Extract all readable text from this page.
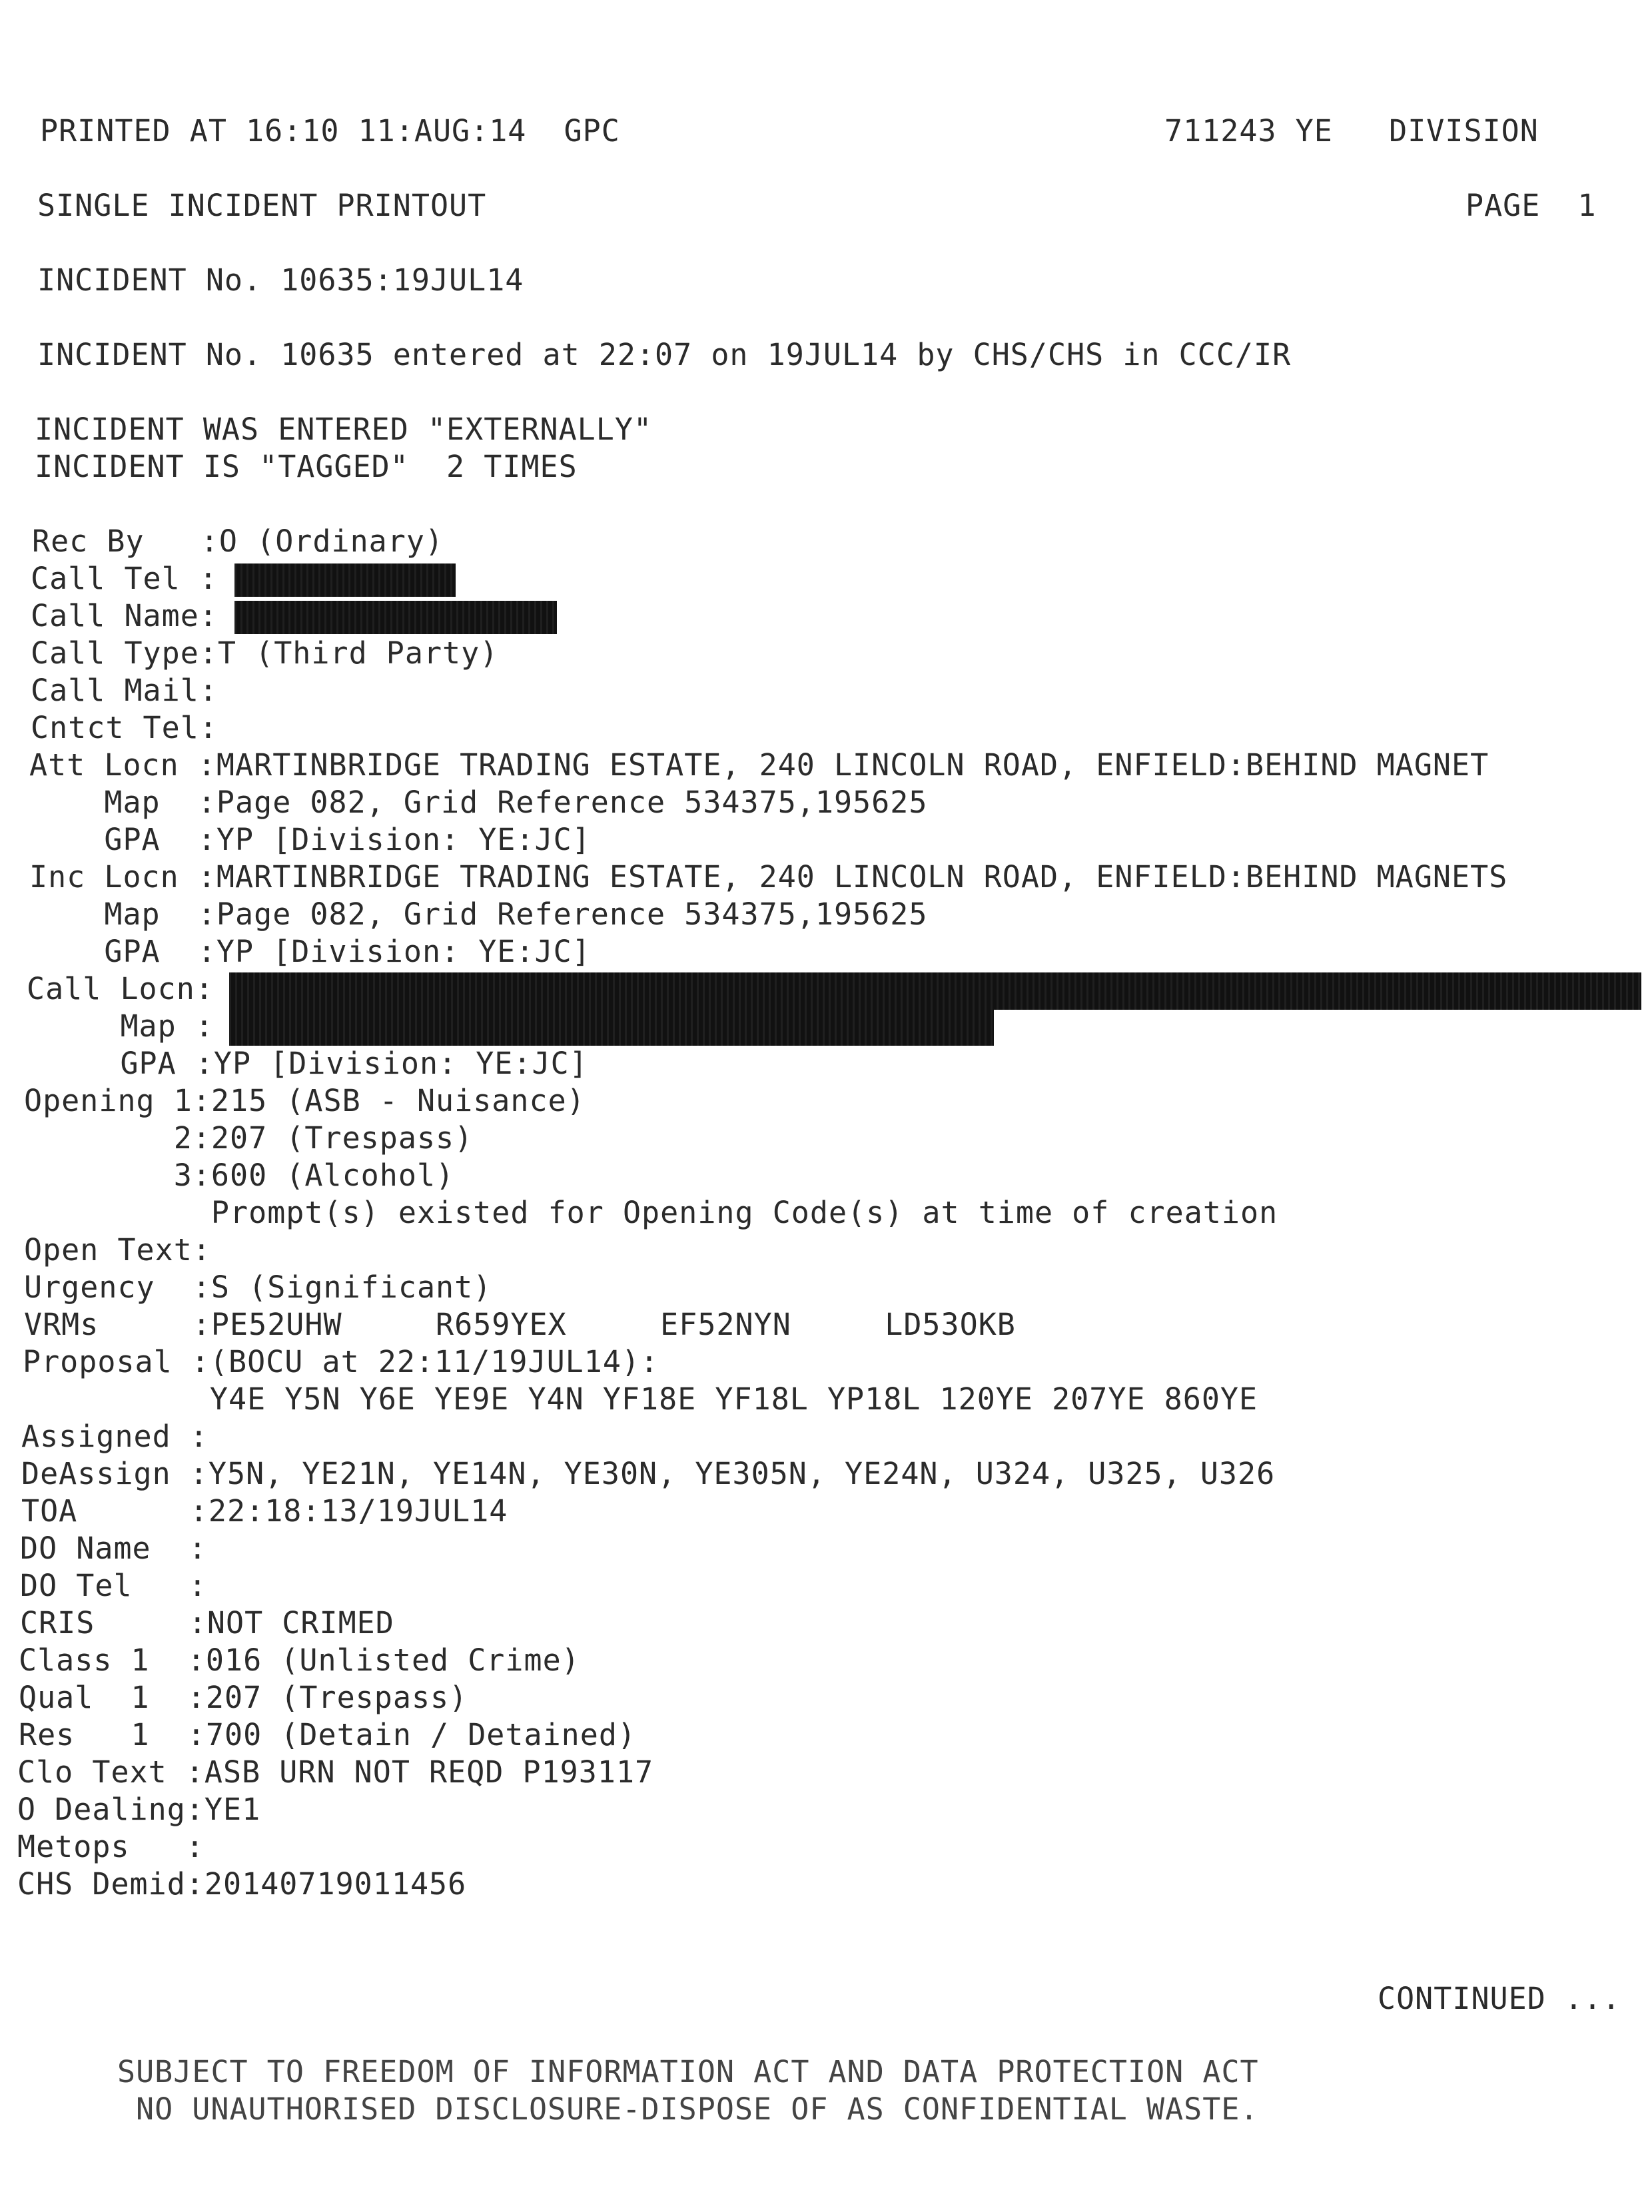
PRINTED AT 16:10 11:AUG:14  GPC	711243 YE   DIVISION
SINGLE INCIDENT PRINTOUT	PAGE  1
INCIDENT No. 10635:19JUL14
INCIDENT No. 10635 entered at 22:07 on 19JUL14 by CHS/CHS in CCC/IR
INCIDENT WAS ENTERED "EXTERNALLY"
INCIDENT IS "TAGGED"  2 TIMES
Rec By   :O (Ordinary)
Call Tel :
Call Name:
Call Type:T (Third Party)
Call Mail:
Cntct Tel:
Att Locn :MARTINBRIDGE TRADING ESTATE, 240 LINCOLN ROAD, ENFIELD:BEHIND MAGNET
Map  :Page 082, Grid Reference 534375,195625
GPA  :YP [Division: YE:JC]
Inc Locn :MARTINBRIDGE TRADING ESTATE, 240 LINCOLN ROAD, ENFIELD:BEHIND MAGNETS
Map  :Page 082, Grid Reference 534375,195625
GPA  :YP [Division: YE:JC]
Call Locn:
Map :
GPA :YP [Division: YE:JC]
Opening 1:215 (ASB - Nuisance)
2:207 (Trespass)
3:600 (Alcohol)
Prompt(s) existed for Opening Code(s) at time of creation
Open Text:
Urgency  :S (Significant)
VRMs     :PE52UHW     R659YEX     EF52NYN     LD53OKB
Proposal :(BOCU at 22:11/19JUL14):
Y4E Y5N Y6E YE9E Y4N YF18E YF18L YP18L 120YE 207YE 860YE
Assigned :
DeAssign :Y5N, YE21N, YE14N, YE30N, YE305N, YE24N, U324, U325, U326
TOA      :22:18:13/19JUL14
DO Name  :
DO Tel   :
CRIS     :NOT CRIMED
Class 1  :016 (Unlisted Crime)
Qual  1  :207 (Trespass)
Res   1  :700 (Detain / Detained)
Clo Text :ASB URN NOT REQD P193117
O Dealing:YE1
Metops   :
CHS Demid:20140719011456
CONTINUED ...
SUBJECT TO FREEDOM OF INFORMATION ACT AND DATA PROTECTION ACT
NO UNAUTHORISED DISCLOSURE-DISPOSE OF AS CONFIDENTIAL WASTE.
